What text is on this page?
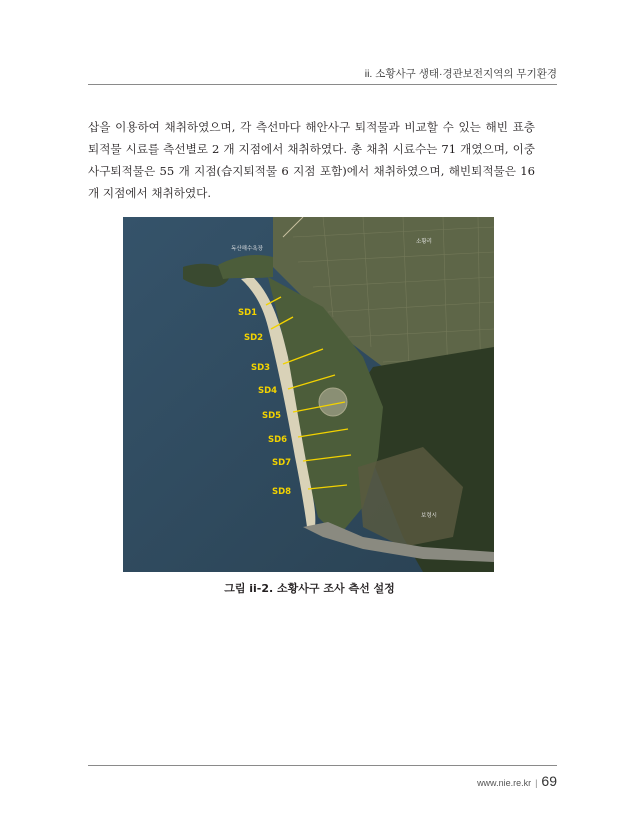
ii. 소황사구 생태·경관보전지역의 무기환경

삽을 이용하여 채취하였으며, 각 측선마다 해안사구 퇴적물과 비교할 수 있는 해빈 표층 퇴적물 시료를 측선별로 2 개 지점에서 채취하였다. 총 채취 시료수는 71 개였으며, 이중 사구퇴적물은 55 개 지점(습지퇴적물 6 지점 포함)에서 채취하였으며, 해빈퇴적물은 16 개 지점에서 채취하였다.

독산해수욕장
소황리
보령시
SD1
SD2
SD3
SD4
SD5
SD6
SD7
SD8
그림 ii-2. 소황사구 조사 측선 설정
www.nie.re.kr | 69
